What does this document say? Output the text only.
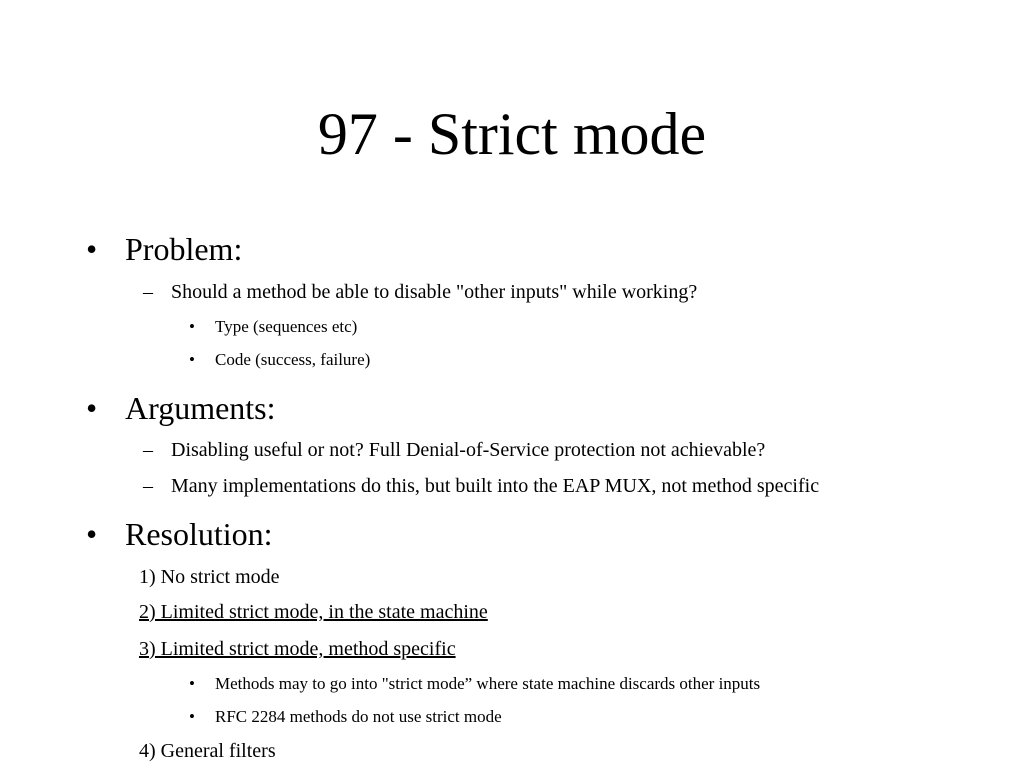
97 - Strict mode
• Problem:
– Should a method be able to disable "other inputs" while working?
• Type (sequences etc)
• Code (success, failure)
• Arguments:
– Disabling useful or not? Full Denial-of-Service protection not achievable?
– Many implementations do this, but built into the EAP MUX, not method specific
• Resolution:
1) No strict mode
2) Limited strict mode, in the state machine
3) Limited strict mode, method specific
• Methods may to go into "strict mode” where state machine discards other inputs
• RFC 2284 methods do not use strict mode
4) General filters
